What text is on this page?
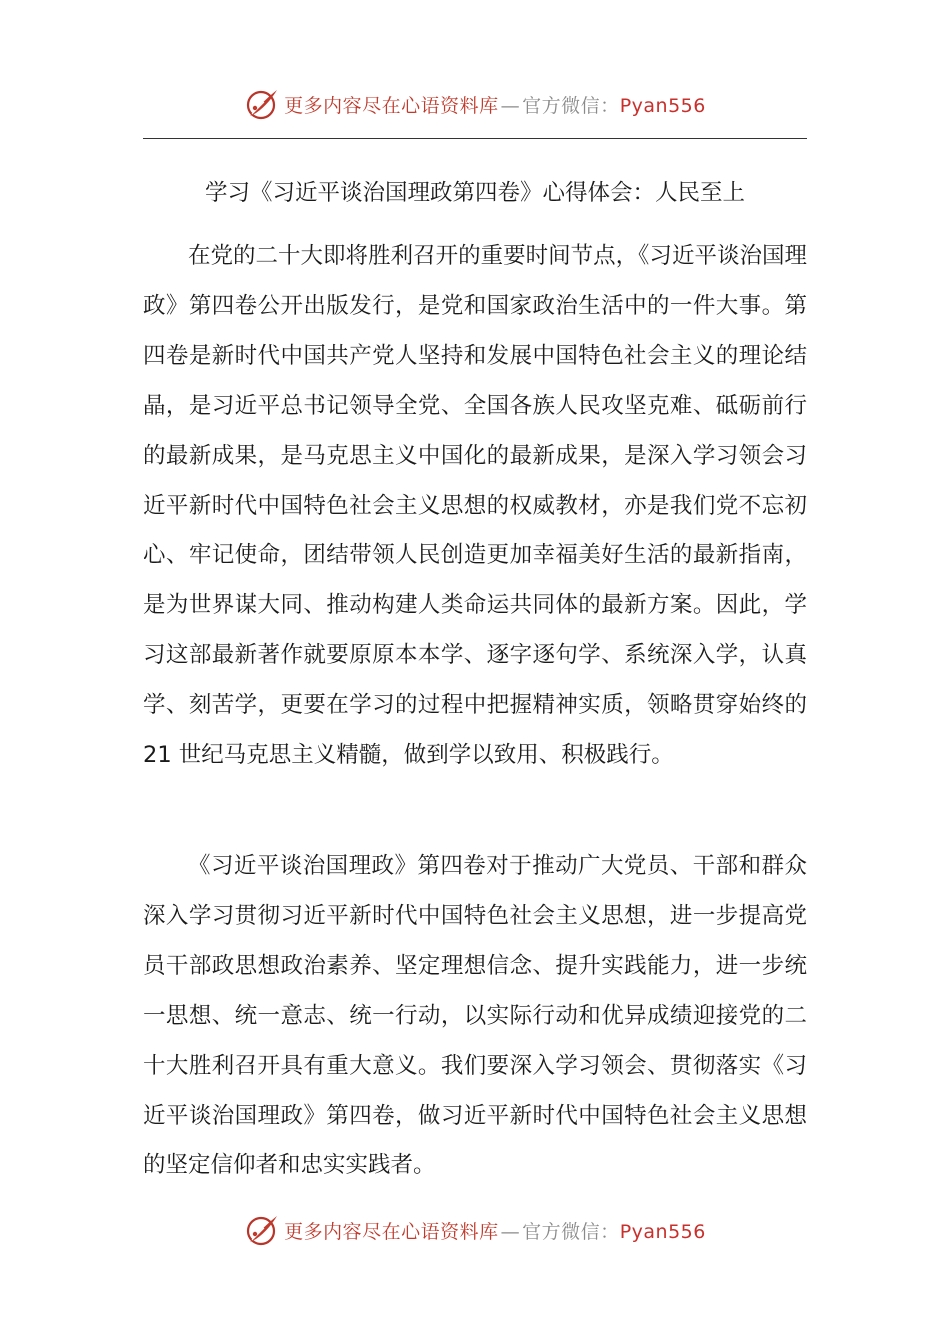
更多内容尽在心语资料库 — 官方微信：Pyan556
学习《习近平谈治国理政第四卷》心得体会：人民至上

在党的二十大即将胜利召开的重要时间节点，《习近平谈治国理政》第四卷公开出版发行，是党和国家政治生活中的一件大事。第四卷是新时代中国共产党人坚持和发展中国特色社会主义的理论结晶，是习近平总书记领导全党、全国各族人民攻坚克难、砥砺前行的最新成果，是马克思主义中国化的最新成果，是深入学习领会习近平新时代中国特色社会主义思想的权威教材，亦是我们党不忘初心、牢记使命，团结带领人民创造更加幸福美好生活的最新指南，是为世界谋大同、推动构建人类命运共同体的最新方案。因此，学习这部最新著作就要原原本本学、逐字逐句学、系统深入学，认真学、刻苦学，更要在学习的过程中把握精神实质，领略贯穿始终的 21 世纪马克思主义精髓，做到学以致用、积极践行。

《习近平谈治国理政》第四卷对于推动广大党员、干部和群众深入学习贯彻习近平新时代中国特色社会主义思想，进一步提高党员干部政思想政治素养、坚定理想信念、提升实践能力，进一步统一思想、统一意志、统一行动，以实际行动和优异成绩迎接党的二十大胜利召开具有重大意义。我们要深入学习领会、贯彻落实《习近平谈治国理政》第四卷，做习近平新时代中国特色社会主义思想的坚定信仰者和忠实实践者。

更多内容尽在心语资料库 — 官方微信：Pyan556
